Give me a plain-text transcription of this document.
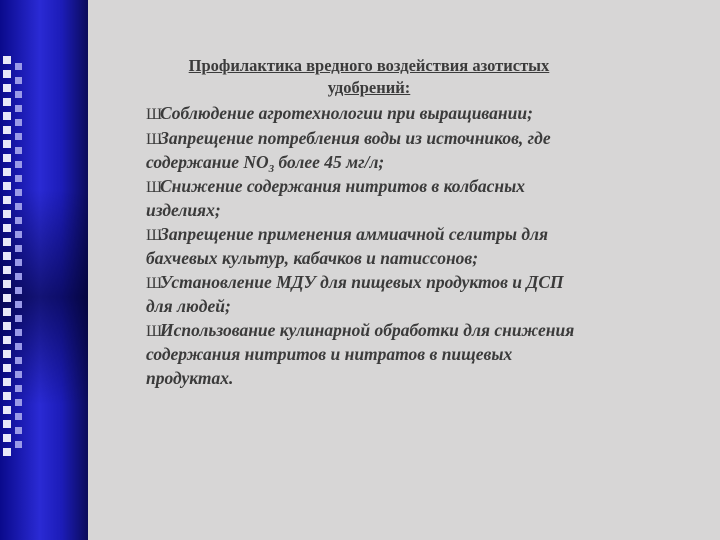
Профилактика вредного воздействия азотистых удобрений:

ШСоблюдение агротехнологии при выращивании;

ШЗапрещение потребления воды из источников, где содержание $NO_3$ более 45 мг/л;

ШСнижение содержания нитритов в колбасных изделиях;

ШЗапрещение применения аммиачной селитры для бахчевых культур, кабачков и патиссонов;

ШУстановление МДУ для пищевых продуктов и ДСП для людей;

ШИспользование кулинарной обработки для снижения содержания нитритов и нитратов в пищевых продуктах.
